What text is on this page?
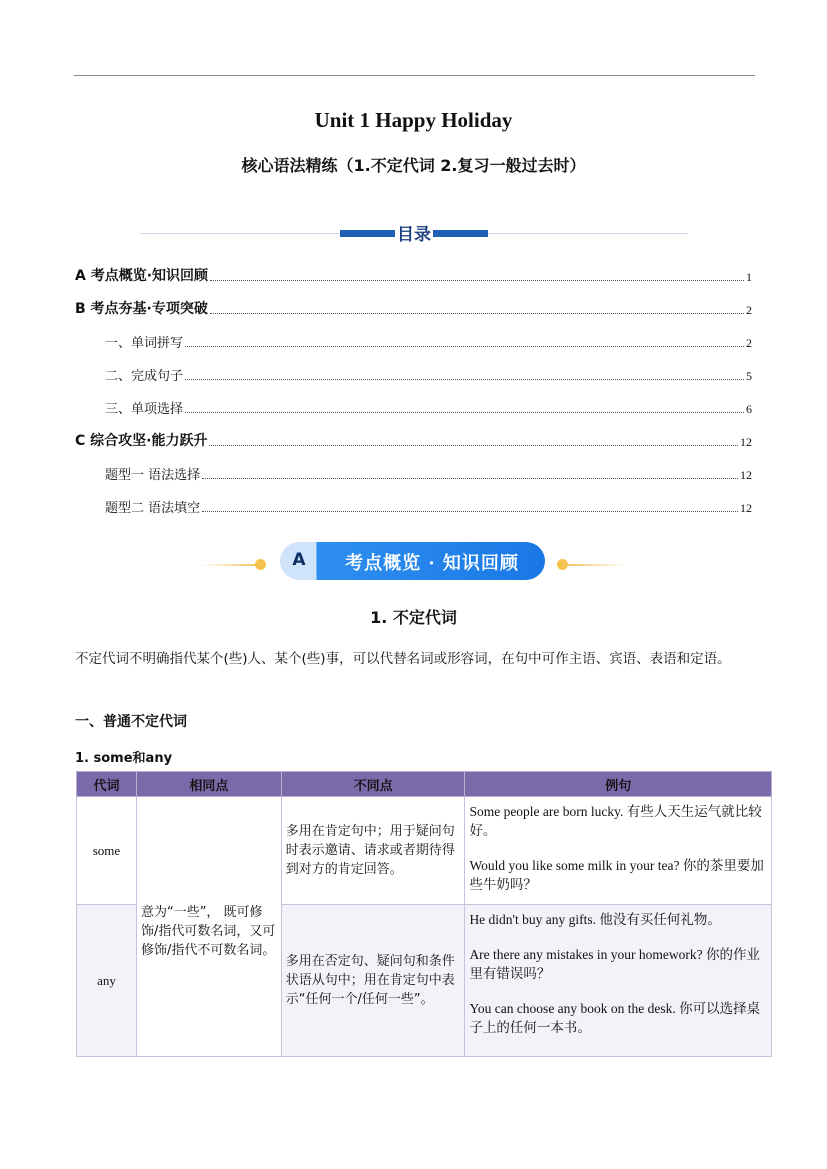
Unit 1 Happy Holiday
核心语法精练（1.不定代词 2.复习一般过去时）
目录
A 考点概览·知识回顾	1
B 考点夯基·专项突破	2
一、单词拼写	2
二、完成句子	5
三、单项选择	6
C 综合攻坚·能力跃升	12
题型一 语法选择	12
题型二 语法填空	12
A	考点概览 · 知识回顾
1. 不定代词
不定代词不明确指代某个(些)人、某个(些)事，可以代替名词或形容词，在句中可作主语、宾语、表语和定语。
一、普通不定代词
1. some和any
代词	相同点	不同点	例句
some	意为“一些”， 既可修饰/指代可数名词，又可修饰/指代不可数名词。	多用在肯定句中；用于疑问句时表示邀请、请求或者期待得到对方的肯定回答。	Some people are born lucky. 有些人天生运气就比较好。

Would you like some milk in your tea? 你的茶里要加些牛奶吗？

any		多用在否定句、疑问句和条件状语从句中；用在肯定句中表示“任何一个/任何一些”。	He didn't buy any gifts. 他没有买任何礼物。

Are there any mistakes in your homework? 你的作业里有错误吗？

You can choose any book on the desk. 你可以选择桌子上的任何一本书。
